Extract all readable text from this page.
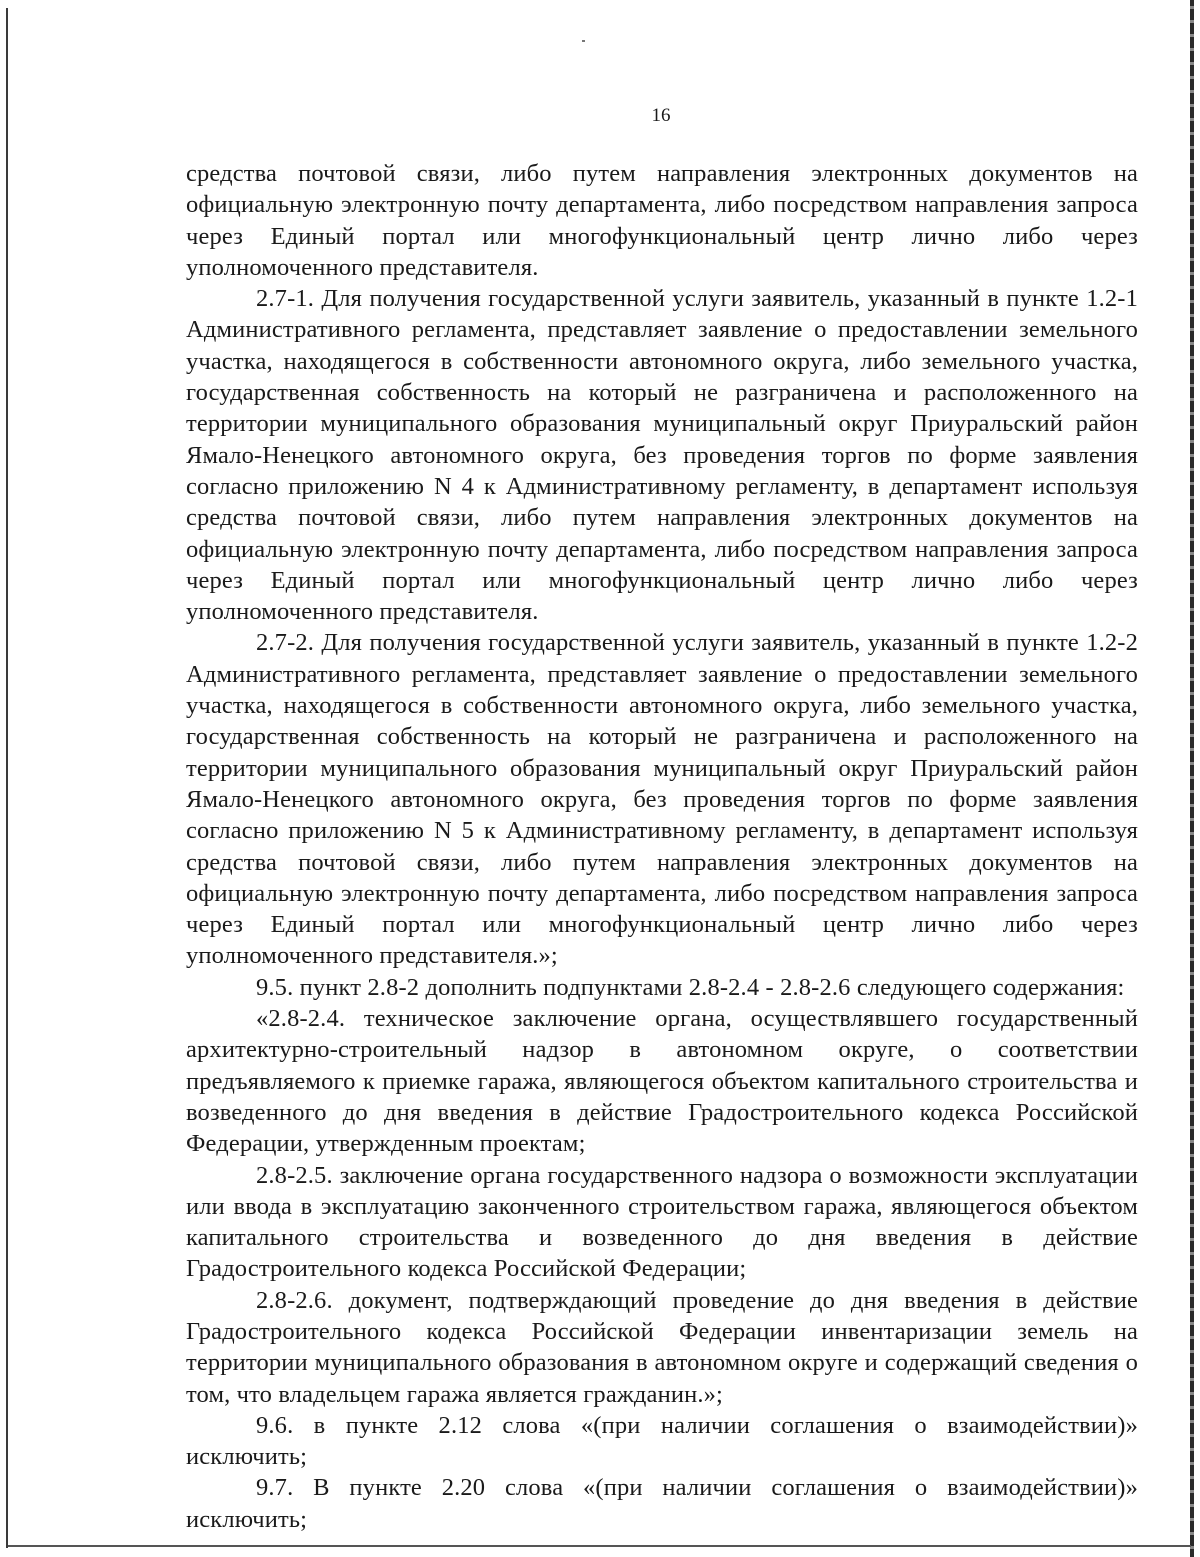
16

средства почтовой связи, либо путем направления электронных документов на официальную электронную почту департамента, либо посредством направления запроса через Единый портал или многофункциональный центр лично либо через уполномоченного представителя.

2.7-1. Для получения государственной услуги заявитель, указанный в пункте 1.2-1 Административного регламента, представляет заявление о предоставлении земельного участка, находящегося в собственности автономного округа, либо земельного участка, государственная собственность на который не разграничена и расположенного на территории муниципального образования муниципальный округ Приуральский район Ямало-Ненецкого автономного округа, без проведения торгов по форме заявления согласно приложению N 4 к Административному регламенту, в департамент используя средства почтовой связи, либо путем направления электронных документов на официальную электронную почту департамента, либо посредством направления запроса через Единый портал или многофункциональный центр лично либо через уполномоченного представителя.

2.7-2. Для получения государственной услуги заявитель, указанный в пункте 1.2-2 Административного регламента, представляет заявление о предоставлении земельного участка, находящегося в собственности автономного округа, либо земельного участка, государственная собственность на который не разграничена и расположенного на территории муниципального образования муниципальный округ Приуральский район Ямало-Ненецкого автономного округа, без проведения торгов по форме заявления согласно приложению N 5 к Административному регламенту, в департамент используя средства почтовой связи, либо путем направления электронных документов на официальную электронную почту департамента, либо посредством направления запроса через Единый портал или многофункциональный центр лично либо через уполномоченного представителя.»;

9.5. пункт 2.8-2 дополнить подпунктами 2.8-2.4 - 2.8-2.6 следующего содержания:

«2.8-2.4. техническое заключение органа, осуществлявшего государственный архитектурно-строительный надзор в автономном округе, о соответствии предъявляемого к приемке гаража, являющегося объектом капитального строительства и возведенного до дня введения в действие Градостроительного кодекса Российской Федерации, утвержденным проектам;

2.8-2.5. заключение органа государственного надзора о возможности эксплуатации или ввода в эксплуатацию законченного строительством гаража, являющегося объектом капитального строительства и возведенного до дня введения в действие Градостроительного кодекса Российской Федерации;

2.8-2.6. документ, подтверждающий проведение до дня введения в действие Градостроительного кодекса Российской Федерации инвентаризации земель на территории муниципального образования в автономном округе и содержащий сведения о том, что владельцем гаража является гражданин.»;

9.6. в пункте 2.12 слова «(при наличии соглашения о взаимодействии)» исключить;

9.7. В пункте 2.20 слова «(при наличии соглашения о взаимодействии)» исключить;
